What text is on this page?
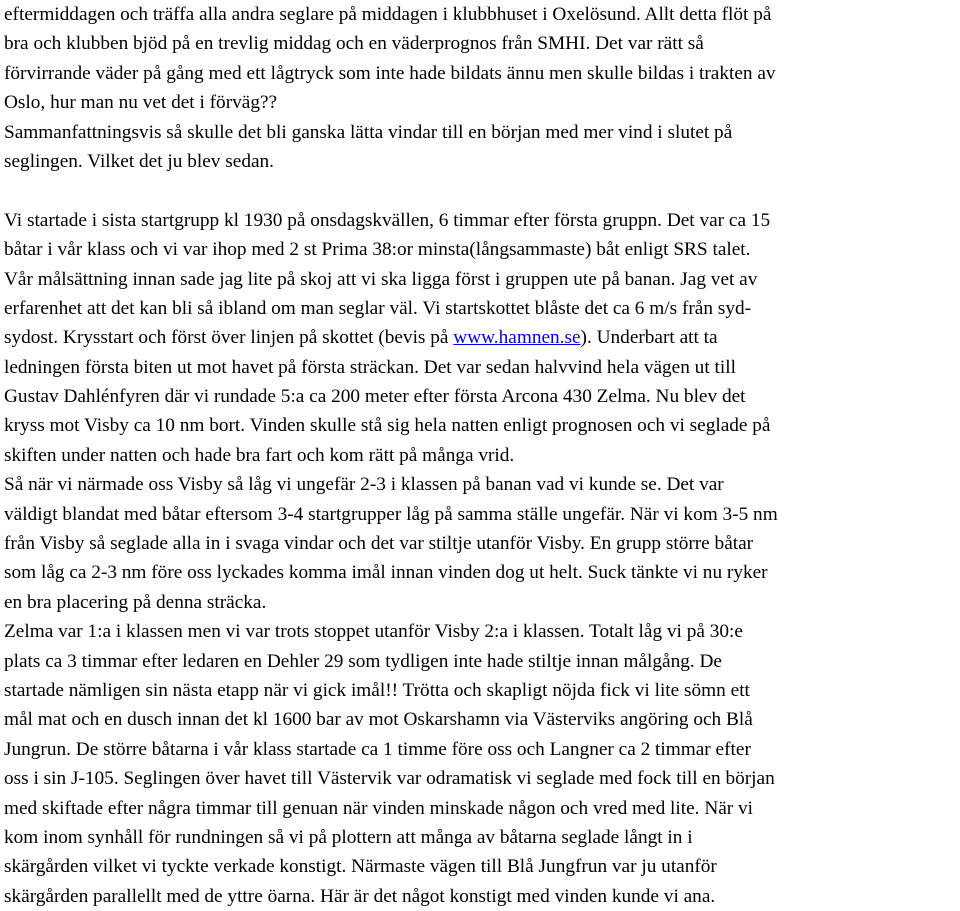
eftermiddagen och träffa alla andra seglare på middagen i klubbhuset i Oxelösund. Allt detta flöt på
bra och klubben bjöd på en trevlig middag och en väderprognos från SMHI. Det var rätt så
förvirrande väder på gång med ett lågtryck som inte hade bildats ännu men skulle bildas i trakten av
Oslo, hur man nu vet det i förväg??
Sammanfattningsvis så skulle det bli ganska lätta vindar till en början med mer vind i slutet på
seglingen. Vilket det ju blev sedan.
Vi startade i sista startgrupp kl 1930 på onsdagskvällen, 6 timmar efter första gruppn. Det var ca 15
båtar i vår klass och vi var ihop med 2 st Prima 38:or minsta(långsammaste) båt enligt SRS talet.
Vår målsättning innan sade jag lite på skoj att vi ska ligga först i gruppen ute på banan. Jag vet av
erfarenhet att det kan bli så ibland om man seglar väl. Vi startskottet blåste det ca 6 m/s från syd-
sydost. Krysstart och först över linjen på skottet (bevis på www.hamnen.se). Underbart att ta
ledningen första biten ut mot havet på första sträckan. Det var sedan halvvind hela vägen ut till
Gustav Dahlénfyren där vi rundade 5:a ca 200 meter efter första Arcona 430 Zelma. Nu blev det
kryss mot Visby ca 10 nm bort. Vinden skulle stå sig hela natten enligt prognosen och vi seglade på
skiften under natten och hade bra fart och kom rätt på många vrid.
Så när vi närmade oss Visby så låg vi ungefär 2-3 i klassen på banan vad vi kunde se. Det var
väldigt blandat med båtar eftersom 3-4 startgrupper låg på samma ställe ungefär. När vi kom 3-5 nm
från Visby så seglade alla in i svaga vindar och det var stiltje utanför Visby. En grupp större båtar
som låg ca 2-3 nm före oss lyckades komma imål innan vinden dog ut helt. Suck tänkte vi nu ryker
en bra placering på denna sträcka.
Zelma var 1:a i klassen men vi var trots stoppet utanför Visby 2:a i klassen. Totalt låg vi på 30:e
plats ca 3 timmar efter ledaren en Dehler 29 som tydligen inte hade stiltje innan målgång. De
startade nämligen sin nästa etapp när vi gick imål!! Trötta och skapligt nöjda fick vi lite sömn ett
mål mat och en dusch innan det kl 1600 bar av mot Oskarshamn via Västerviks angöring och Blå
Jungrun. De större båtarna i vår klass startade ca 1 timme före oss och Langner ca 2 timmar efter
oss i sin J-105. Seglingen över havet till Västervik var odramatisk vi seglade med fock till en början
med skiftade efter några timmar till genuan när vinden minskade någon och vred med lite. När vi
kom inom synhåll för rundningen så vi på plottern att många av båtarna seglade långt in i
skärgården vilket vi tyckte verkade konstigt. Närmaste vägen till Blå Jungfrun var ju utanför
skärgården parallellt med de yttre öarna. Här är det något konstigt med vinden kunde vi ana.
